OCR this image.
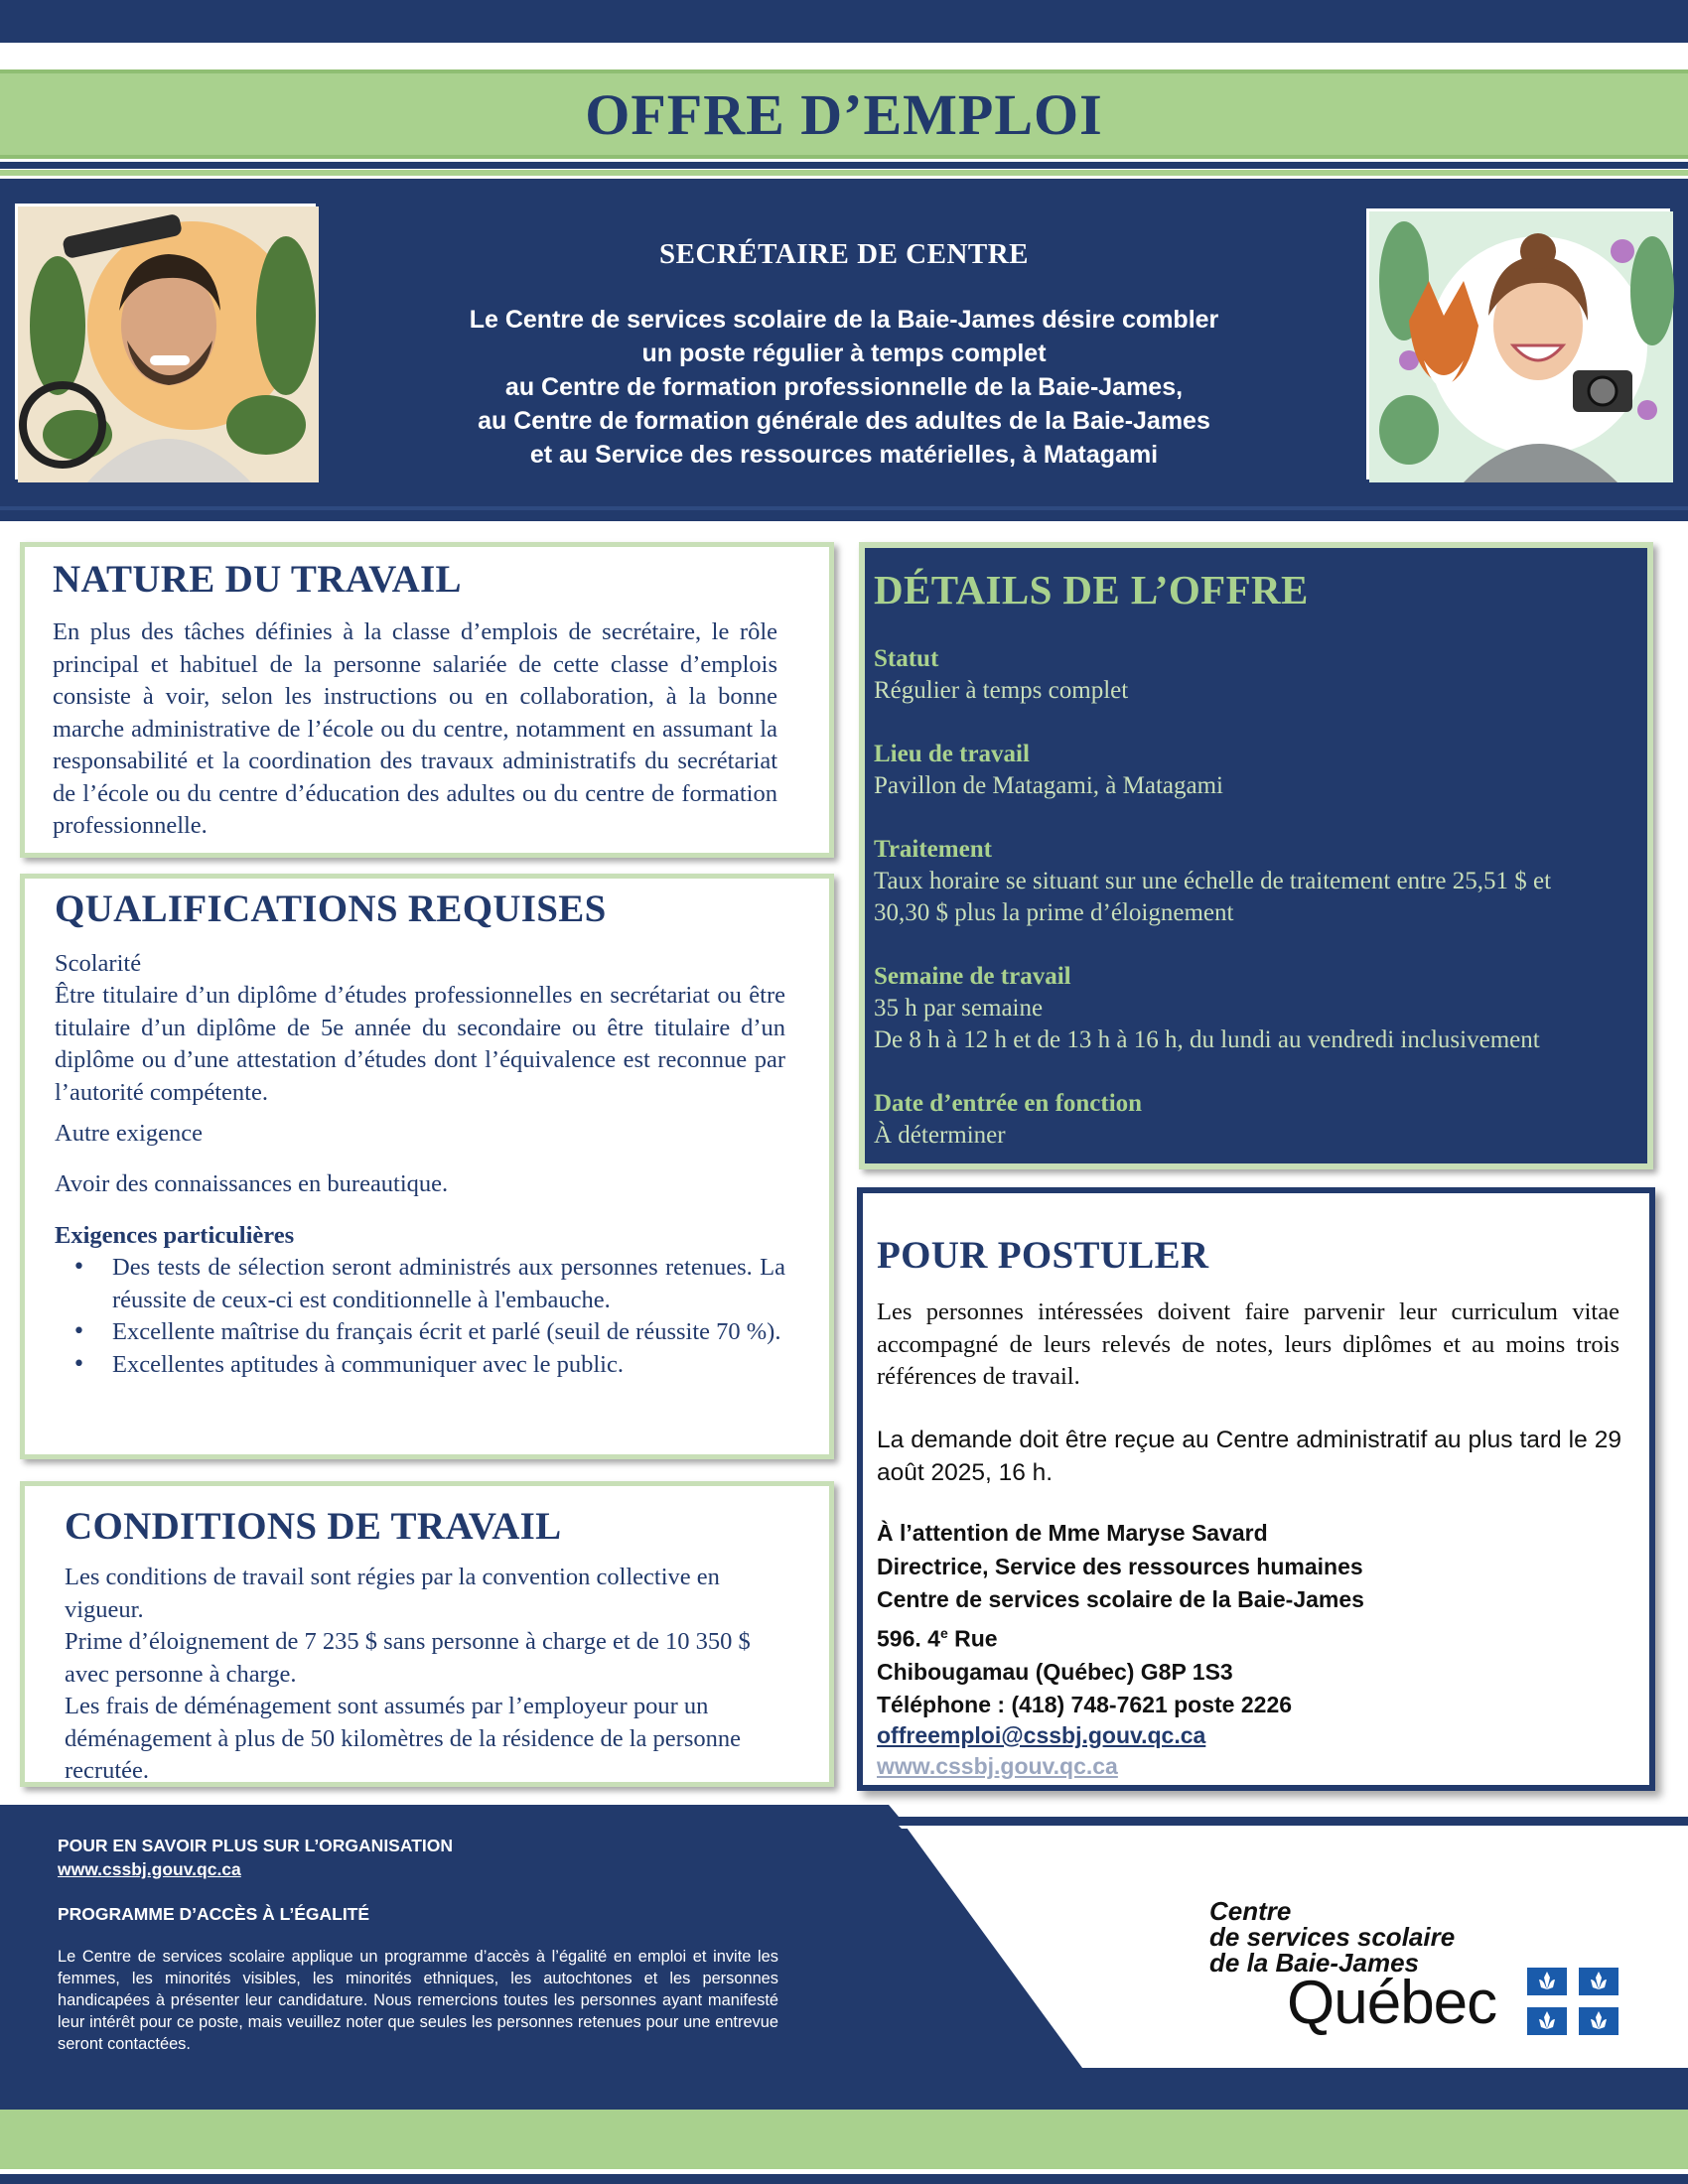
OFFRE D’EMPLOI
SECRÉTAIRE DE CENTRE
Le Centre de services scolaire de la Baie-James désire combler
un poste régulier à temps complet
au Centre de formation professionnelle de la Baie-James,
au Centre de formation générale des adultes de la Baie-James
et au Service des ressources matérielles, à Matagami
NATURE DU TRAVAIL
En plus des tâches définies à la classe d’emplois de secrétaire, le rôle principal et habituel de la personne salariée de cette classe d’emplois consiste à voir, selon les instructions ou en collaboration, à la bonne marche administrative de l’école ou du centre, notamment en assumant la responsabilité et la coordination des travaux administratifs du secrétariat de l’école ou du centre d’éducation des adultes ou du centre de formation professionnelle.
QUALIFICATIONS REQUISES
Scolarité
Être titulaire d’un diplôme d’études professionnelles en secrétariat ou être titulaire d’un diplôme de 5e année du secondaire ou être titulaire d’un diplôme ou d’une attestation d’études dont l’équivalence est reconnue par l’autorité compétente.
Autre exigence
Avoir des connaissances en bureautique.
Exigences particulières
• Des tests de sélection seront administrés aux personnes retenues. La réussite de ceux-ci est conditionnelle à l'embauche.
• Excellente maîtrise du français écrit et parlé (seuil de réussite 70 %).
• Excellentes aptitudes à communiquer avec le public.
CONDITIONS DE TRAVAIL
Les conditions de travail sont régies par la convention collective en vigueur.
Prime d’éloignement de 7 235 $ sans personne à charge et de 10 350 $ avec personne à charge.
Les frais de déménagement sont assumés par l’employeur pour un déménagement à plus de 50 kilomètres de la résidence de la personne recrutée.
DÉTAILS DE L’OFFRE
Statut
Régulier à temps complet
Lieu de travail
Pavillon de Matagami, à Matagami
Traitement
Taux horaire se situant sur une échelle de traitement entre 25,51 $ et
30,30 $ plus la prime d’éloignement
Semaine de travail
35 h par semaine
De 8 h à 12 h et de 13 h à 16 h, du lundi au vendredi inclusivement
Date d’entrée en fonction
À déterminer
POUR POSTULER
Les personnes intéressées doivent faire parvenir leur curriculum vitae accompagné de leurs relevés de notes, leurs diplômes et au moins trois références de travail.
La demande doit être reçue au Centre administratif au plus tard le 29 août 2025, 16 h.
À l’attention de Mme Maryse Savard
Directrice, Service des ressources humaines
Centre de services scolaire de la Baie-James
596. 4e Rue
Chibougamau (Québec) G8P 1S3
Téléphone : (418) 748-7621 poste 2226
offreemploi@cssbj.gouv.qc.ca
www.cssbj.gouv.qc.ca
POUR EN SAVOIR PLUS SUR L’ORGANISATION
www.cssbj.gouv.qc.ca
PROGRAMME D’ACCÈS À L’ÉGALITÉ
Le Centre de services scolaire applique un programme d’accès à l’égalité en emploi et invite les femmes, les minorités visibles, les minorités ethniques, les autochtones et les personnes handicapées à présenter leur candidature. Nous remercions toutes les personnes ayant manifesté leur intérêt pour ce poste, mais veuillez noter que seules les personnes retenues pour une entrevue seront contactées.
Centre
de services scolaire
de la Baie-James
Québec
